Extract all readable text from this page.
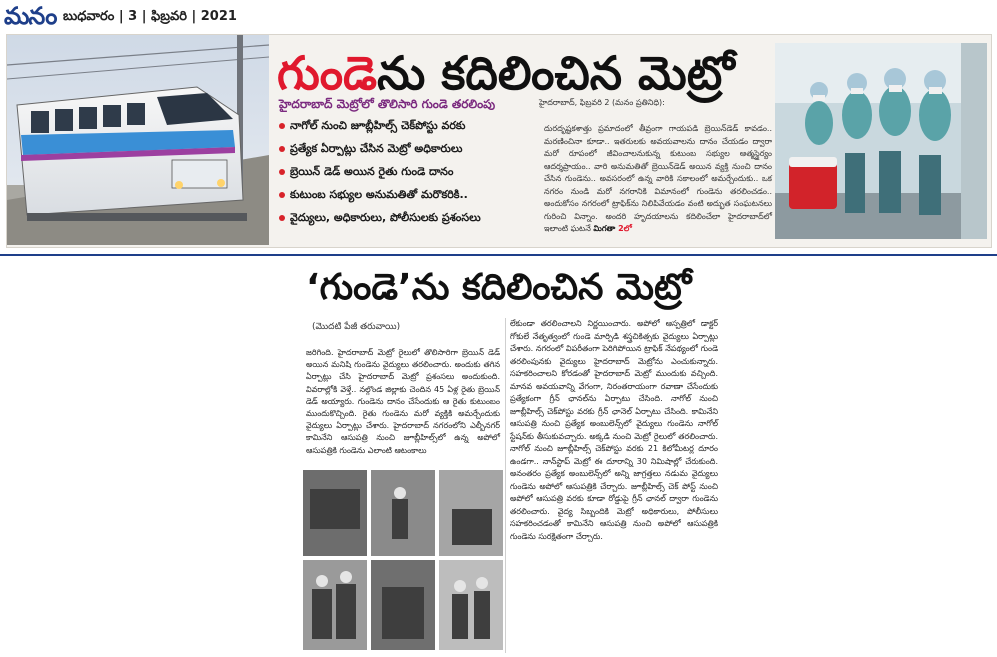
మనం బుధవారం | 3 | ఫిబ్రవరి | 2021
గుండెను కదిలించిన మెట్రో
హైదరాబాద్ మెట్రోలో తొలిసారి గుండె తరలింపు
నాగోల్ నుంచి జూబ్లీహిల్స్ చెక్‌పోస్టు వరకు
ప్రత్యేక ఏర్పాట్లు చేసిన మెట్రో అధికారులు
బ్రెయిన్ డెడ్ అయిన రైతు గుండె దానం
కుటుంబ సభ్యుల అనుమతితో మరొకరికి..
వైద్యులు, అధికారులు, పోలీసులకు ప్రశంసలు
హైదరాబాద్, ఫిబ్రవరి 2 (మనం ప్రతినిధి):
దురదృష్టకశాత్తు ప్రమాదంలో తీవ్రంగా గాయపడి బ్రెయిన్‌డెడ్ కావడం.. మరణించినా కూడా.. ఇతరులకు అవయవాలను దానం చేయడం ద్వారా మరో రూపంలో జీవించాలనుకున్న కుటుంబ సభ్యుల ఆత్మస్థైర్యం ఆదర్శప్రాయం.. వారి అనుమతితో బ్రెయిన్‌డెడ్ అయిన వ్యక్తి నుంచి దానం చేసిన గుండెను.. అవసరంలో ఉన్న వారికి సకాలంలో అమర్చేందుకు.. ఒక నగరం నుండి మరో నగరానికి విమానంలో గుండెను తరలించడం.. అందుకోసం నగరంలో ట్రాఫిక్‌ను నిలిపివేయడం వంటి అద్భుత సంఘటనలు గురించి విన్నాం. అందరి హృదయాలను కదిలించేలా హైదరాబాద్‌లో ఇలాంటి ఘటనే మిగతా 2లో
‘గుండె’ను కదిలించిన మెట్రో
(మొదటి పేజీ తరువాయి)
జరిగింది. హైదరాబాద్ మెట్రో రైలులో తొలిసారిగా బ్రెయిన్ డెడ్ అయిన మనిషి గుండెను వైద్యులు తరలించారు. అందుకు తగిన ఏర్పాట్లు చేసి హైదరాబాద్ మెట్రో ప్రశంసలు అందుకుంది. వివరాల్లోకి వెళ్తే.. నల్గొండ జిల్లాకు చెందిన 45 ఏళ్ల రైతు బ్రెయిన్ డెడ్ అయ్యారు. గుండెను దానం చేసేందుకు ఆ రైతు కుటుంబం ముందుకొచ్చింది. రైతు గుండెను మరో వ్యక్తికి అమర్చేందుకు వైద్యులు ఏర్పాట్లు చేశారు. హైదరాబాద్ నగరంలోని ఎల్బీనగర్ కామినేని ఆసుపత్రి నుంచి జూబ్లీహిల్స్‌లో ఉన్న అపోలో ఆసుపత్రికి గుండెను ఎలాంటి ఆటంకాలు
లేకుండా తరలించాలని నిర్ణయించారు. అపోలో ఆస్పత్రిలో డాక్టర్ గోకులే నేతృత్వంలో గుండె మార్పిడి శస్త్రచికిత్సకు వైద్యులు ఏర్పాట్లు చేశారు. నగరంలో విపరీతంగా పెరిగిపోయిన ట్రాఫిక్ నేపథ్యంలో గుండె తరలింపునకు వైద్యులు హైదరాబాద్ మెట్రోను ఎంచుకున్నారు. సహకరించాలని కోరడంతో హైదరాబాద్ మెట్రో ముందుకు వచ్చింది. మానవ అవయవాన్ని వేగంగా, నిరంతరాయంగా రవాణా చేసేందుకు ప్రత్యేకంగా గ్రీన్ ఛానల్‌ను ఏర్పాటు చేసింది. నాగోల్ నుంచి జూబ్లీహిల్స్ చెక్‌పోస్టు వరకు గ్రీన్ ఛానెల్ ఏర్పాటు చేసింది. కామినేని ఆసుపత్రి నుంచి ప్రత్యేక అంబులెన్స్‌లో వైద్యులు గుండెను నాగోల్ స్టేషన్‌కు తీసుకువచ్చారు. అక్కడి నుంచి మెట్రో రైలులో తరలించారు. నాగోల్ నుంచి జూబ్లీహిల్స్ చెక్‌పోస్టు వరకు 21 కిలోమీటర్ల దూరం ఉండగా.. నాన్‌స్టాప్ మెట్రో ఈ దూరాన్ని 30 నిమిషాల్లో చేరుకుంది. అనంతరం ప్రత్యేక అంబులెన్స్‌లో అన్ని జాగ్రత్తలు నడుమ వైద్యులు గుండెను అపోలో ఆసుపత్రికి చేర్చారు. జూబ్లీహిల్స్ చెక్ పోస్ట్ నుంచి అపోలో ఆసుపత్రి వరకు కూడా రోడ్డుపై గ్రీన్ ఛానల్ ద్వారా గుండెను తరలించారు. వైద్య సిబ్బందికి మెట్రో అధికారులు, పోలీసులు సహకరించడంతో కామినేని ఆసుపత్రి నుంచి అపోలో ఆసుపత్రికి గుండెను సురక్షితంగా చేర్చారు.
